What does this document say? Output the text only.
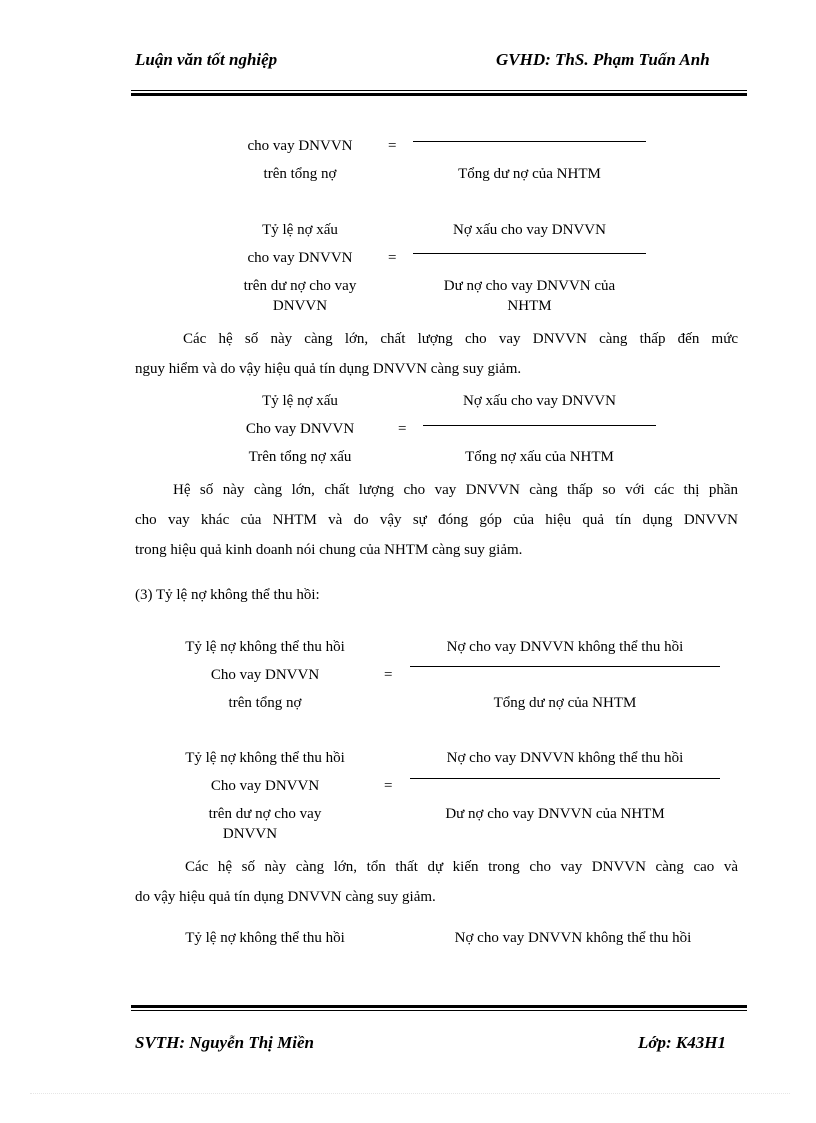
Luận văn tốt nghiệp	GVHD: ThS. Phạm Tuấn Anh
cho vay DNVVN
trên tổng nợ
=
Tổng dư nợ của NHTM
Tỷ lệ nợ xấu
cho vay DNVVN
trên dư nợ cho vay
DNVVN
=
Nợ xấu cho vay DNVVN
Dư nợ cho vay DNVVN của
NHTM
Các hệ số này càng lớn, chất lượng cho vay DNVVN càng thấp đến mức
nguy hiểm và do vậy hiệu quả tín dụng DNVVN càng suy giảm.
Tỷ lệ nợ xấu
Cho vay DNVVN
Trên tổng nợ xấu
=
Nợ xấu cho vay DNVVN
Tổng nợ xấu của NHTM
Hệ số này càng lớn, chất lượng cho vay DNVVN càng thấp so với các thị phần
cho vay khác của NHTM và do vậy sự đóng góp của hiệu quả tín dụng DNVVN
trong hiệu quả kinh doanh nói chung của NHTM càng suy giảm.
(3) Tỷ lệ nợ không thể thu hồi:
Tỷ lệ nợ không thể thu hồi
Cho vay DNVVN
trên tổng nợ
=
Nợ cho vay DNVVN không thể thu hồi
Tổng dư nợ của NHTM
Tỷ lệ nợ không thể thu hồi
Cho vay DNVVN
trên dư nợ cho vay
DNVVN
=
Nợ cho vay DNVVN không thể thu hồi
Dư nợ cho vay DNVVN của NHTM
Các hệ số này càng lớn, tổn thất dự kiến trong cho vay DNVVN càng cao và
do vậy hiệu quả tín dụng DNVVN càng suy giảm.
Tỷ lệ nợ không thể thu hồi	Nợ cho vay DNVVN không thể thu hồi
SVTH: Nguyễn Thị Miền	Lớp: K43H1
